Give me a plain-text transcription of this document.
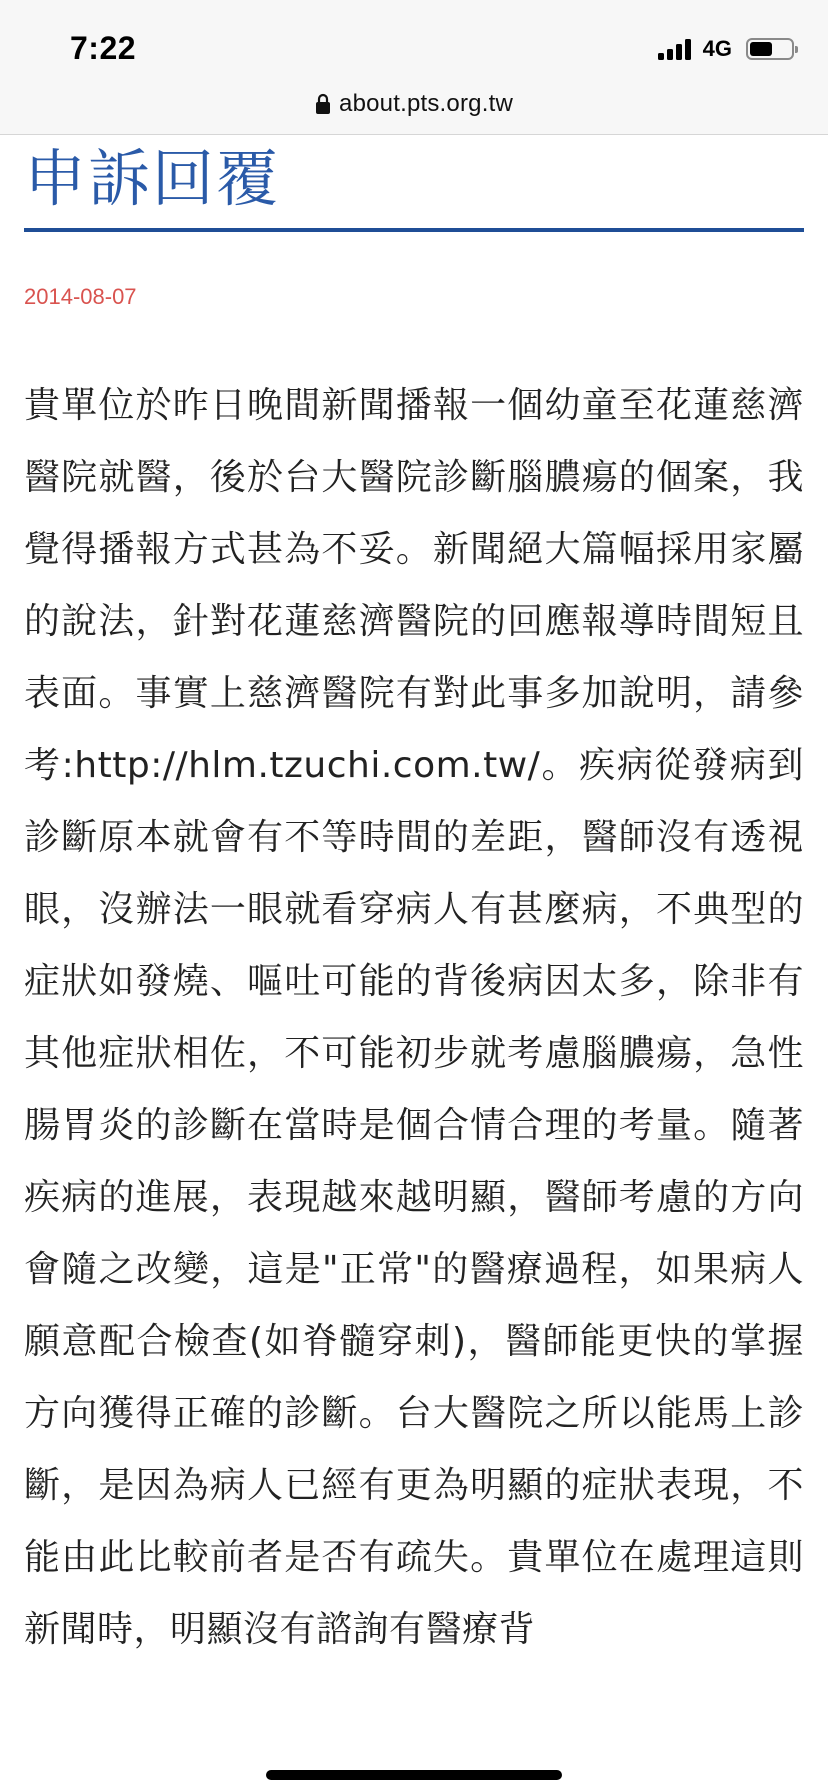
7:22	4G
about.pts.org.tw
申訴回覆
2014-08-07

貴單位於昨日晚間新聞播報一個幼童至花蓮慈濟醫院就醫，後於台大醫院診斷腦膿瘍的個案，我覺得播報方式甚為不妥。新聞絕大篇幅採用家屬的說法，針對花蓮慈濟醫院的回應報導時間短且表面。事實上慈濟醫院有對此事多加說明，請參考:http://hlm.tzuchi.com.tw/。疾病從發病到診斷原本就會有不等時間的差距，醫師沒有透視眼，沒辦法一眼就看穿病人有甚麼病，不典型的症狀如發燒、嘔吐可能的背後病因太多，除非有其他症狀相佐，不可能初步就考慮腦膿瘍，急性腸胃炎的診斷在當時是個合情合理的考量。隨著疾病的進展，表現越來越明顯，醫師考慮的方向會隨之改變，這是"正常"的醫療過程，如果病人願意配合檢查(如脊髓穿刺)，醫師能更快的掌握方向獲得正確的診斷。台大醫院之所以能馬上診斷，是因為病人已經有更為明顯的症狀表現，不能由此比較前者是否有疏失。貴單位在處理這則新聞時，明顯沒有諮詢有醫療背
